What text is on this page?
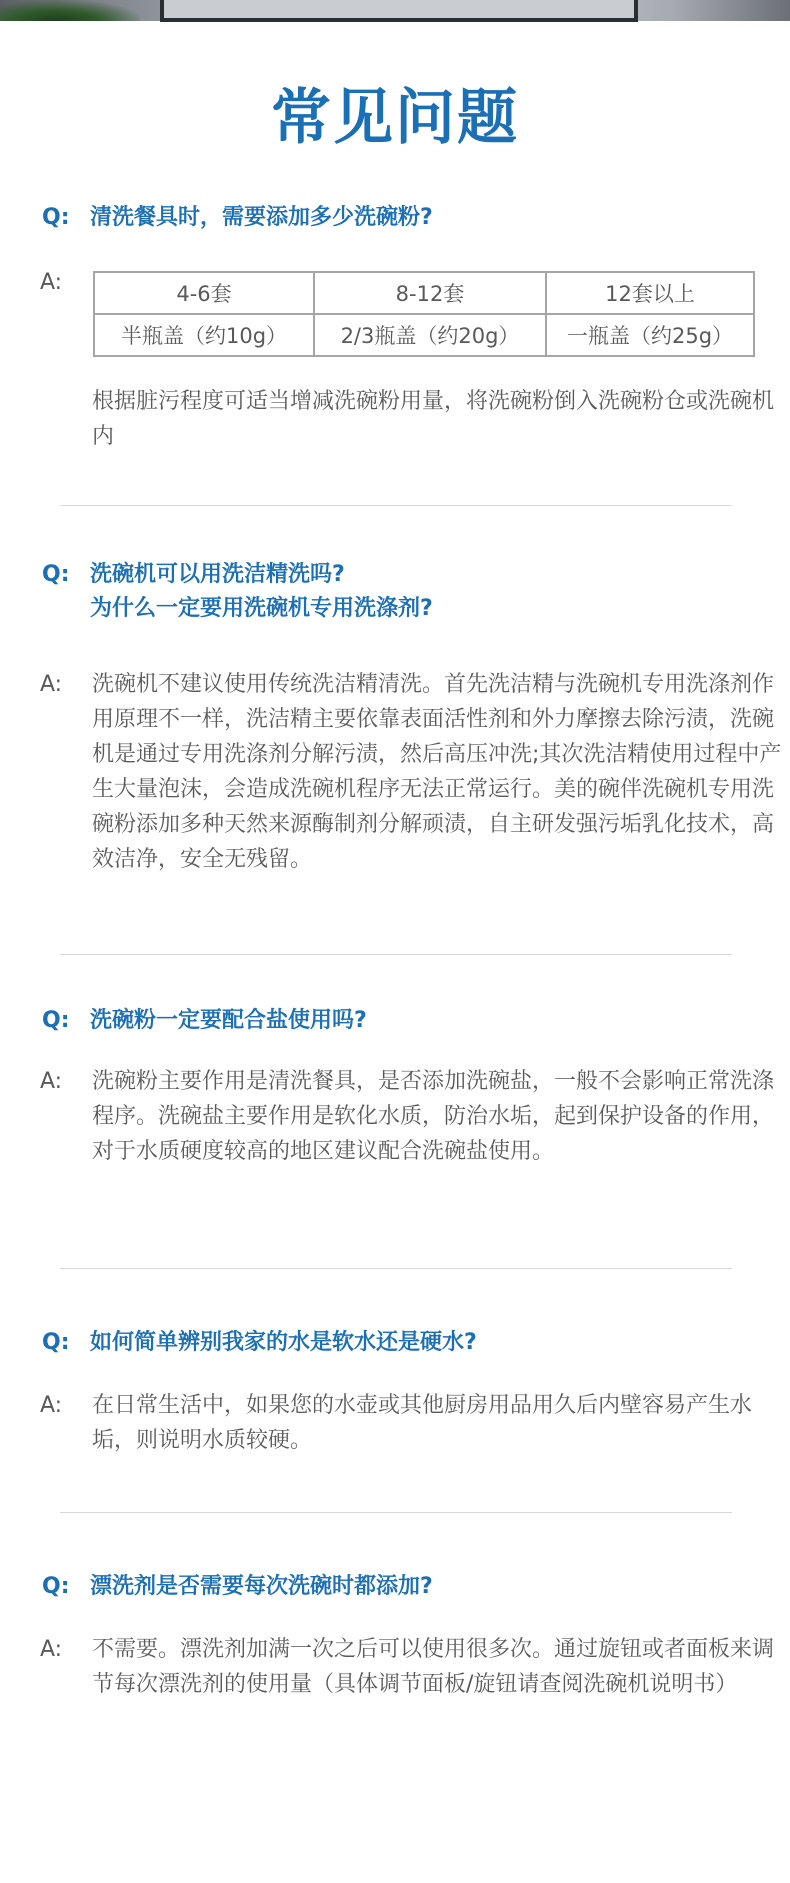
常见问题
Q: 清洗餐具时，需要添加多少洗碗粉?
A:	4-6套	8-12套	12套以上
半瓶盖（约10g）	2/3瓶盖（约20g）	一瓶盖（约25g）
根据脏污程度可适当增减洗碗粉用量，将洗碗粉倒入洗碗粉仓或洗碗机内
Q: 洗碗机可以用洗洁精洗吗?
为什么一定要用洗碗机专用洗涤剂?
A: 洗碗机不建议使用传统洗洁精清洗。首先洗洁精与洗碗机专用洗涤剂作用原理不一样，洗洁精主要依靠表面活性剂和外力摩擦去除污渍，洗碗机是通过专用洗涤剂分解污渍，然后高压冲洗;其次洗洁精使用过程中产生大量泡沫，会造成洗碗机程序无法正常运行。美的碗伴洗碗机专用洗碗粉添加多种天然来源酶制剂分解顽渍，自主研发强污垢乳化技术，高效洁净，安全无残留。
Q: 洗碗粉一定要配合盐使用吗?
A: 洗碗粉主要作用是清洗餐具，是否添加洗碗盐，一般不会影响正常洗涤程序。洗碗盐主要作用是软化水质，防治水垢，起到保护设备的作用，对于水质硬度较高的地区建议配合洗碗盐使用。
Q: 如何简单辨别我家的水是软水还是硬水?
A: 在日常生活中，如果您的水壶或其他厨房用品用久后内壁容易产生水垢，则说明水质较硬。
Q: 漂洗剂是否需要每次洗碗时都添加?
A: 不需要。漂洗剂加满一次之后可以使用很多次。通过旋钮或者面板来调节每次漂洗剂的使用量（具体调节面板/旋钮请查阅洗碗机说明书）
